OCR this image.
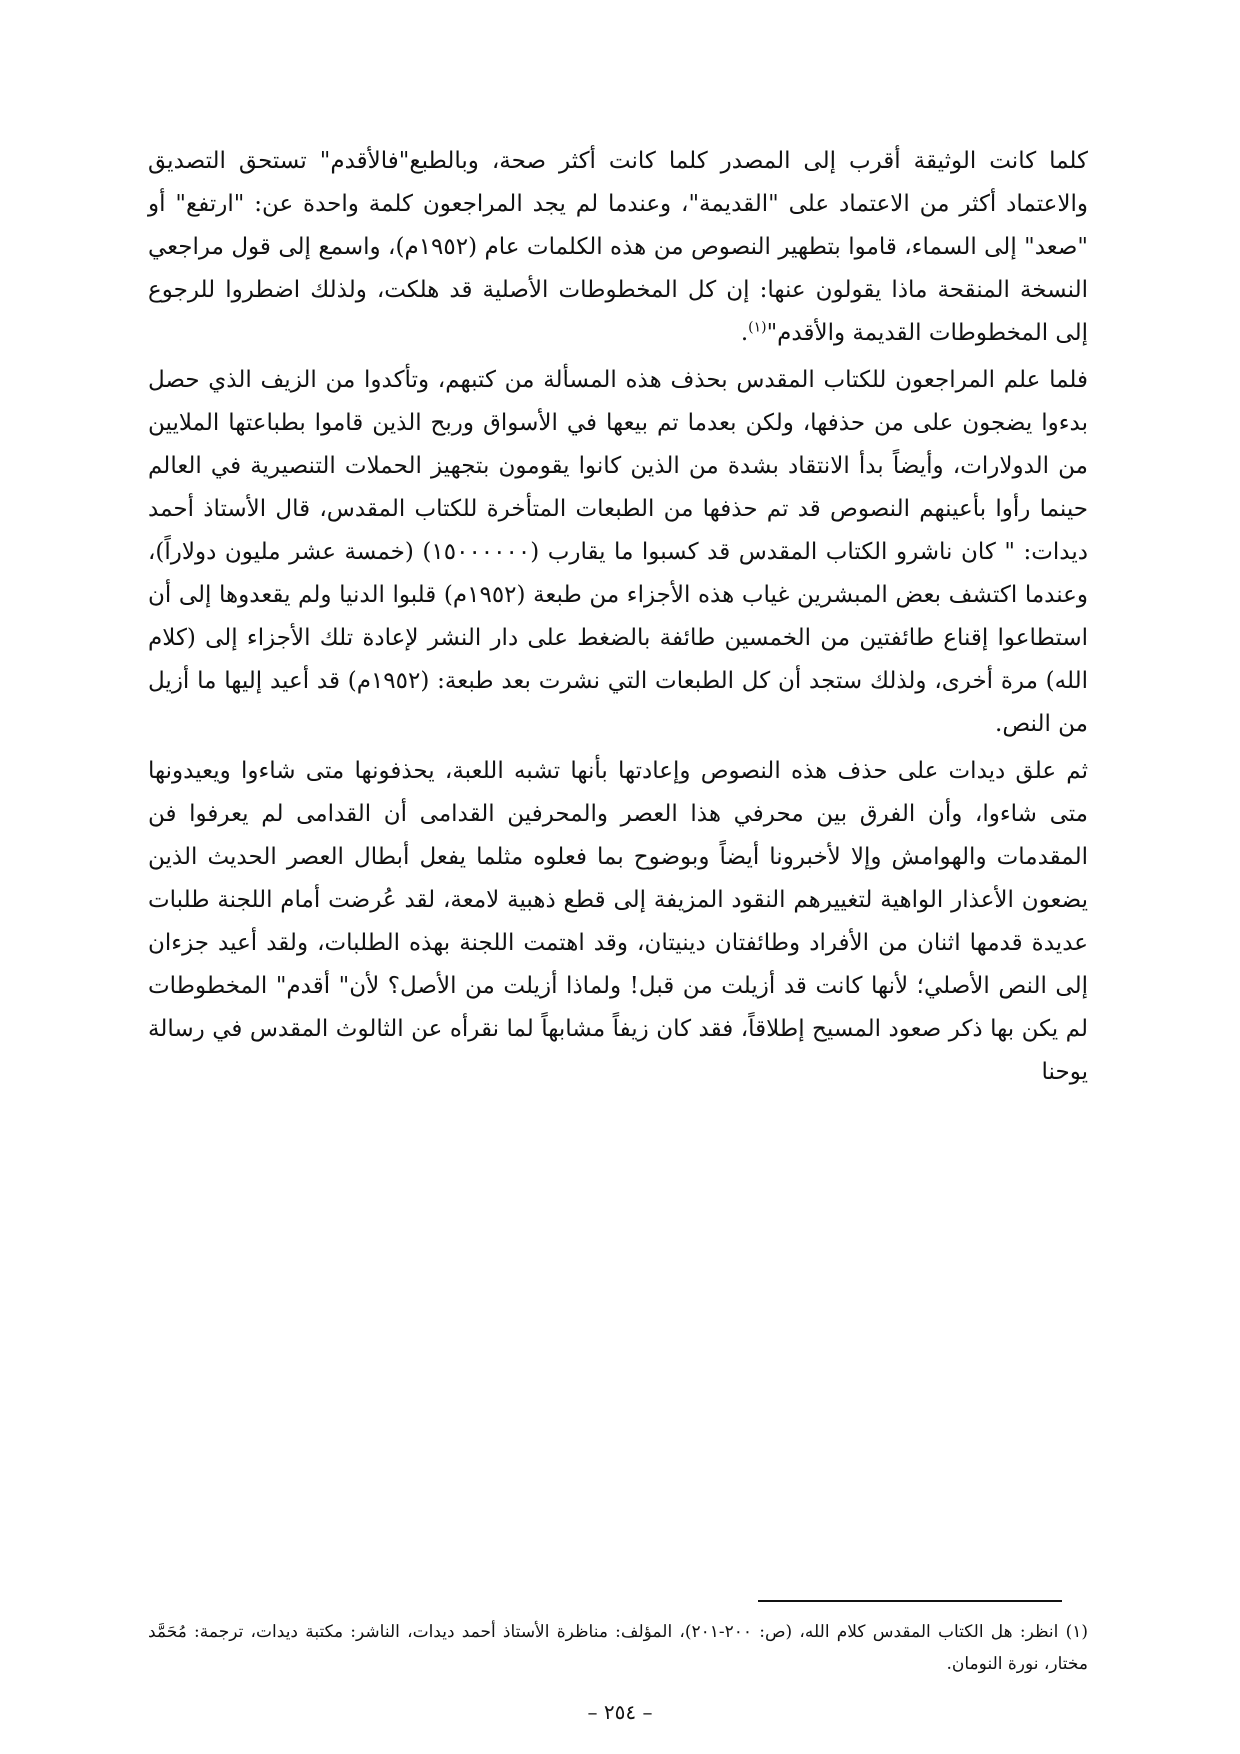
كلما كانت الوثيقة أقرب إلى المصدر كلما كانت أكثر صحة، وبالطبع"فالأقدم" تستحق التصديق والاعتماد أكثر من الاعتماد على "القديمة"، وعندما لم يجد المراجعون كلمة واحدة عن: "ارتفع" أو "صعد" إلى السماء، قاموا بتطهير النصوص من هذه الكلمات عام (١٩٥٢م)، واسمع إلى قول مراجعي النسخة المنقحة ماذا يقولون عنها: إن كل المخطوطات الأصلية قد هلكت، ولذلك اضطروا للرجوع إلى المخطوطات القديمة والأقدم"$^{(١)}$.

فلما علم المراجعون للكتاب المقدس بحذف هذه المسألة من كتبهم، وتأكدوا من الزيف الذي حصل بدءوا يضجون على من حذفها، ولكن بعدما تم بيعها في الأسواق وربح الذين قاموا بطباعتها الملايين من الدولارات، وأيضاً بدأ الانتقاد بشدة من الذين كانوا يقومون بتجهيز الحملات التنصيرية في العالم حينما رأوا بأعينهم النصوص قد تم حذفها من الطبعات المتأخرة للكتاب المقدس، قال الأستاذ أحمد ديدات: " كان ناشرو الكتاب المقدس قد كسبوا ما يقارب (١٥٠٠٠٠٠٠) (خمسة عشر مليون دولاراً)، وعندما اكتشف بعض المبشرين غياب هذه الأجزاء من طبعة (١٩٥٢م) قلبوا الدنيا ولم يقعدوها إلى أن استطاعوا إقناع طائفتين من الخمسين طائفة بالضغط على دار النشر لإعادة تلك الأجزاء إلى (كلام الله) مرة أخرى، ولذلك ستجد أن كل الطبعات التي نشرت بعد طبعة: (١٩٥٢م) قد أعيد إليها ما أزيل من النص.

ثم علق ديدات على حذف هذه النصوص وإعادتها بأنها تشبه اللعبة، يحذفونها متى شاءوا ويعيدونها متى شاءوا، وأن الفرق بين محرفي هذا العصر والمحرفين القدامى أن القدامى لم يعرفوا فن المقدمات والهوامش وإلا لأخبرونا أيضاً وبوضوح بما فعلوه مثلما يفعل أبطال العصر الحديث الذين يضعون الأعذار الواهية لتغييرهم النقود المزيفة إلى قطع ذهبية لامعة، لقد عُرضت أمام اللجنة طلبات عديدة قدمها اثنان من الأفراد وطائفتان دينيتان، وقد اهتمت اللجنة بهذه الطلبات، ولقد أعيد جزءان إلى النص الأصلي؛ لأنها كانت قد أزيلت من قبل! ولماذا أزيلت من الأصل؟ لأن" أقدم" المخطوطات لم يكن بها ذكر صعود المسيح إطلاقاً، فقد كان زيفاً مشابهاً لما نقرأه عن الثالوث المقدس في رسالة يوحنا

(١) انظر: هل الكتاب المقدس كلام الله، (ص: ٢٠٠-٢٠١)، المؤلف: مناظرة الأستاذ أحمد ديدات، الناشر: مكتبة ديدات، ترجمة: مُحَمَّد مختار، نورة النومان.
– ٢٥٤ –
